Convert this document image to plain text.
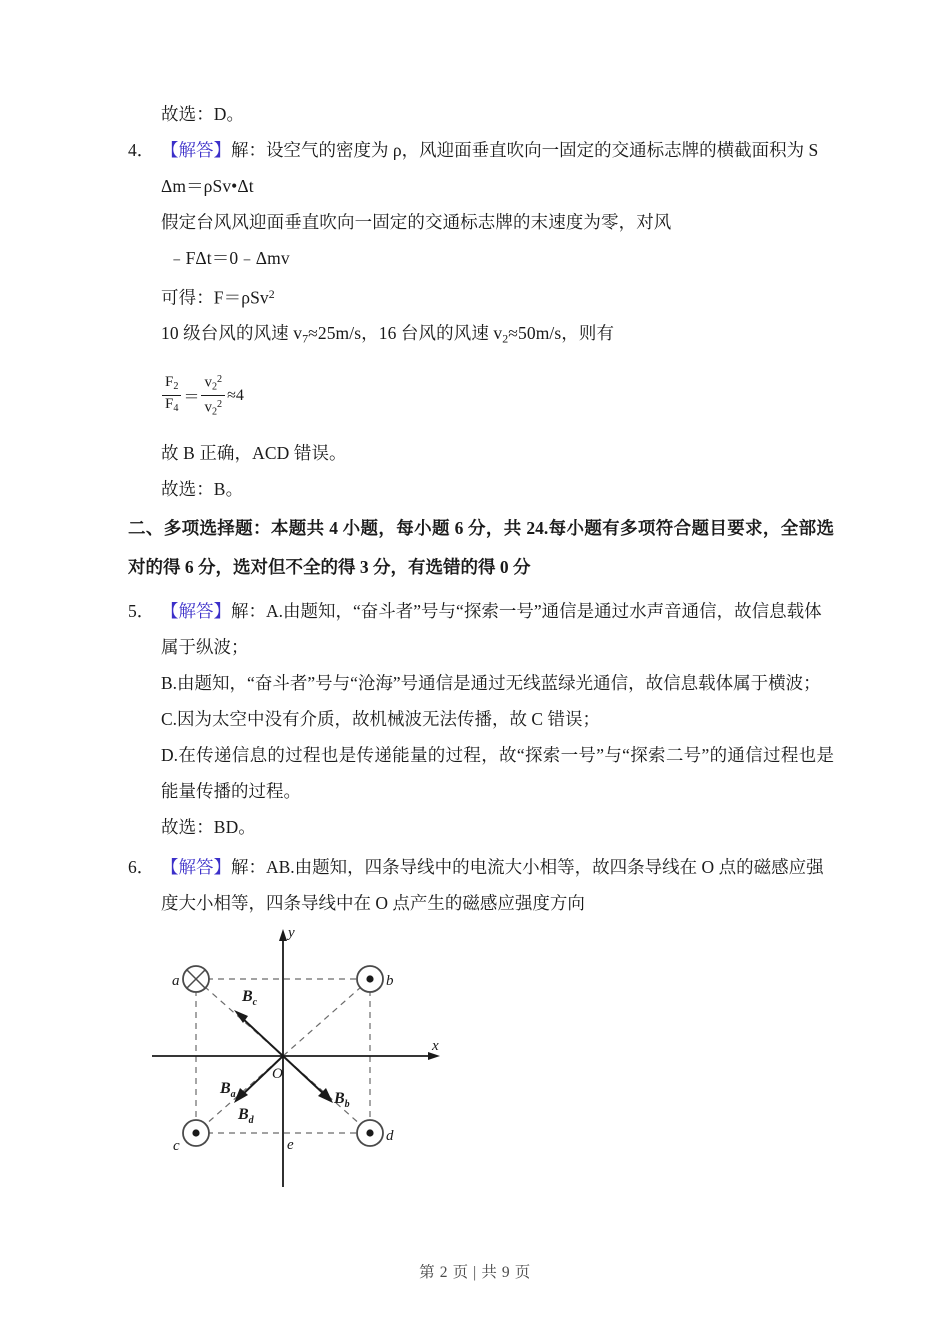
故选：D。
4． 【解答】解：设空气的密度为 ρ，风迎面垂直吹向一固定的交通标志牌的横截面积为 S
Δm＝ρSv•Δt
假定台风风迎面垂直吹向一固定的交通标志牌的末速度为零，对风
﹣FΔt＝0﹣Δmv
可得：F＝ρSv$^2$
10 级台风的风速 $v_7\approx 25m/s$，16 台风的风速 $v_2\approx 50m/s$，则有
$\frac{F_2}{F_4} = \frac{v_2^2}{v_2^2} \approx 4$
故 B 正确，ACD 错误。
故选：B。
二、多项选择题：本题共 4 小题，每小题 6 分，共 24.每小题有多项符合题目要求，全部选对的得 6 分，选对但不全的得 3 分，有选错的得 0 分
5． 【解答】解：A.由题知，“奋斗者”号与“探索一号”通信是通过水声音通信，故信息载体属于纵波；
B.由题知，“奋斗者”号与“沧海”号通信是通过无线蓝绿光通信，故信息载体属于横波；
C.因为太空中没有介质，故机械波无法传播，故 C 错误；
D.在传递信息的过程也是传递能量的过程，故“探索一号”与“探索二号”的通信过程也是能量传播的过程。
故选：BD。
6． 【解答】解：AB.由题知，四条导线中的电流大小相等，故四条导线在 O 点的磁感应强度大小相等，四条导线中在 O 点产生的磁感应强度方向
y
x
O
a	b
c
d
e
$B_c$
$B_a$
$B_d$
$B_b$
第 2 页 | 共 9 页
